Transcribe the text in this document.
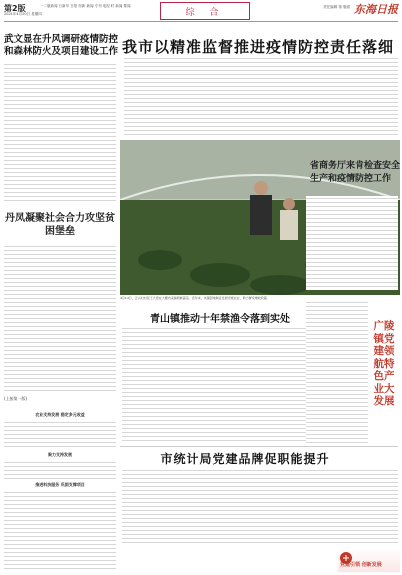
第2版	一二版新闻 日新早 日报 综新 新闻 专刊 电视 时 新闻 要闻
2021年4月20日 星期四	综 合
责任编辑 第 版面 东海日报
武文显在升风调研疫情防控和森林防火及项目建设工作 我市以精准监督推进疫情防控责任落细
4月14日，正兴村村民王大贵在大棚内采摘新鲜蔬菜。近年来，该镇因地制宜发展设施农业，助力群众增收致富。
省商务厅来肯检查安全生产和疫情防控工作
丹凤凝聚社会合力攻坚贫困堡垒
(上接第一版)
农业支持发展 稳定多元收益
聚力支持发展
推进科技服务 巩固支撑项目
青山镇推动十年禁渔令落到实处
广陵镇党建领航特色产业大发展
市统计局党建品牌促职能提升
党建引领 创新发展
